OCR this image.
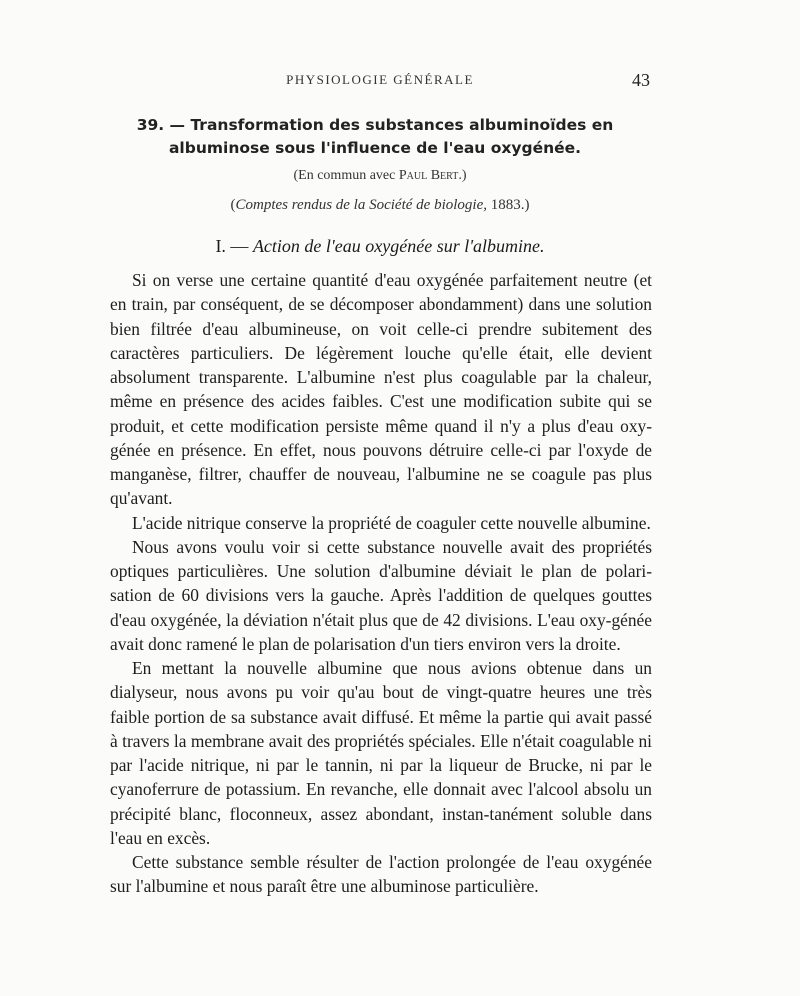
PHYSIOLOGIE GÉNÉRALE	43
39. — Transformation des substances albuminoïdes en albuminose sous l'influence de l'eau oxygénée.
(En commun avec Paul Bert.)
(Comptes rendus de la Société de biologie, 1883.)
I. — Action de l'eau oxygénée sur l'albumine.

Si on verse une certaine quantité d'eau oxygénée parfaitement neutre (et en train, par conséquent, de se décomposer abondamment) dans une solution bien filtrée d'eau albumineuse, on voit celle-ci prendre subitement des caractères particuliers. De légèrement louche qu'elle était, elle devient absolument transparente. L'albumine n'est plus coagulable par la chaleur, même en présence des acides faibles. C'est une modification subite qui se produit, et cette modification persiste même quand il n'y a plus d'eau oxy-génée en présence. En effet, nous pouvons détruire celle-ci par l'oxyde de manganèse, filtrer, chauffer de nouveau, l'albumine ne se coagule pas plus qu'avant.

L'acide nitrique conserve la propriété de coaguler cette nouvelle albumine.

Nous avons voulu voir si cette substance nouvelle avait des propriétés optiques particulières. Une solution d'albumine déviait le plan de polari-sation de 60 divisions vers la gauche. Après l'addition de quelques gouttes d'eau oxygénée, la déviation n'était plus que de 42 divisions. L'eau oxy-génée avait donc ramené le plan de polarisation d'un tiers environ vers la droite.

En mettant la nouvelle albumine que nous avions obtenue dans un dialyseur, nous avons pu voir qu'au bout de vingt-quatre heures une très faible portion de sa substance avait diffusé. Et même la partie qui avait passé à travers la membrane avait des propriétés spéciales. Elle n'était coagulable ni par l'acide nitrique, ni par le tannin, ni par la liqueur de Brucke, ni par le cyanoferrure de potassium. En revanche, elle donnait avec l'alcool absolu un précipité blanc, floconneux, assez abondant, instan-tanément soluble dans l'eau en excès.

Cette substance semble résulter de l'action prolongée de l'eau oxygénée sur l'albumine et nous paraît être une albuminose particulière.
